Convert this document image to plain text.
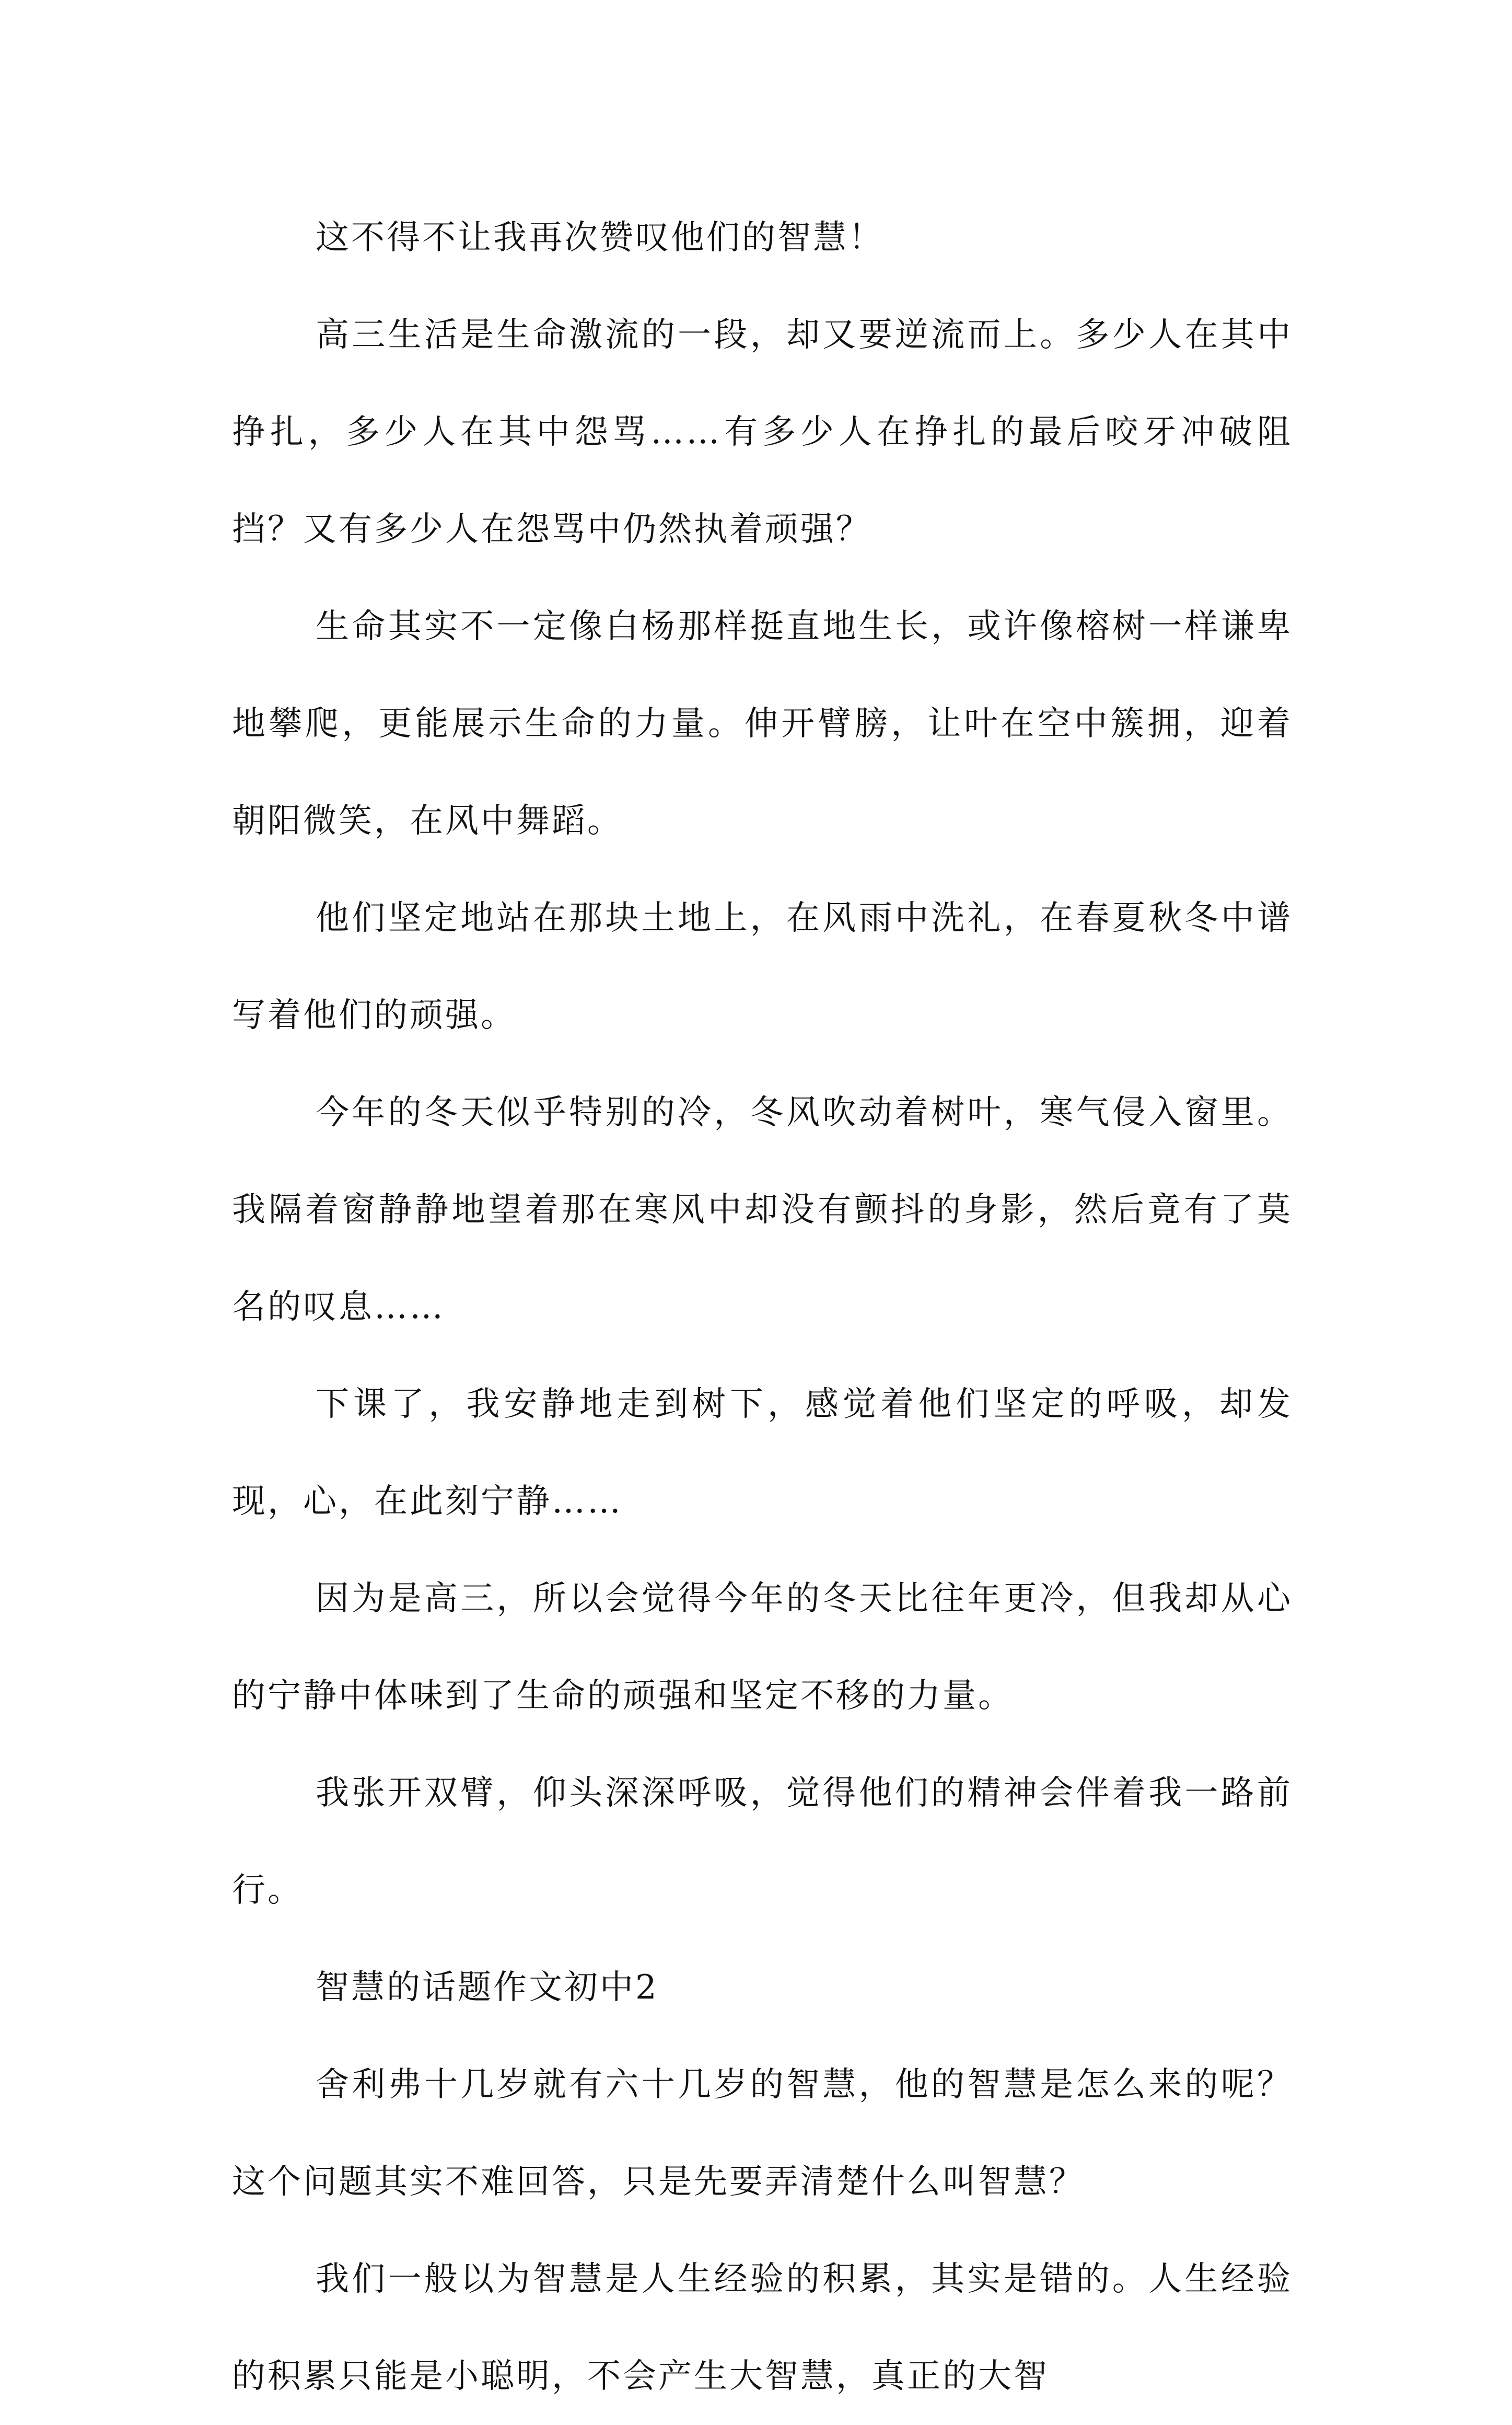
这不得不让我再次赞叹他们的智慧！

高三生活是生命激流的一段，却又要逆流而上。多少人在其中挣扎，多少人在其中怨骂……有多少人在挣扎的最后咬牙冲破阻挡？又有多少人在怨骂中仍然执着顽强？

生命其实不一定像白杨那样挺直地生长，或许像榕树一样谦卑地攀爬，更能展示生命的力量。伸开臂膀，让叶在空中簇拥，迎着朝阳微笑，在风中舞蹈。

他们坚定地站在那块土地上，在风雨中洗礼，在春夏秋冬中谱写着他们的顽强。

今年的冬天似乎特别的冷，冬风吹动着树叶，寒气侵入窗里。我隔着窗静静地望着那在寒风中却没有颤抖的身影，然后竟有了莫名的叹息……

下课了，我安静地走到树下，感觉着他们坚定的呼吸，却发现，心，在此刻宁静……

因为是高三，所以会觉得今年的冬天比往年更冷，但我却从心的宁静中体味到了生命的顽强和坚定不移的力量。

我张开双臂，仰头深深呼吸，觉得他们的精神会伴着我一路前行。

智慧的话题作文初中2

舍利弗十几岁就有六十几岁的智慧，他的智慧是怎么来的呢？这个问题其实不难回答，只是先要弄清楚什么叫智慧？

我们一般以为智慧是人生经验的积累，其实是错的。人生经验的积累只能是小聪明，不会产生大智慧，真正的大智
